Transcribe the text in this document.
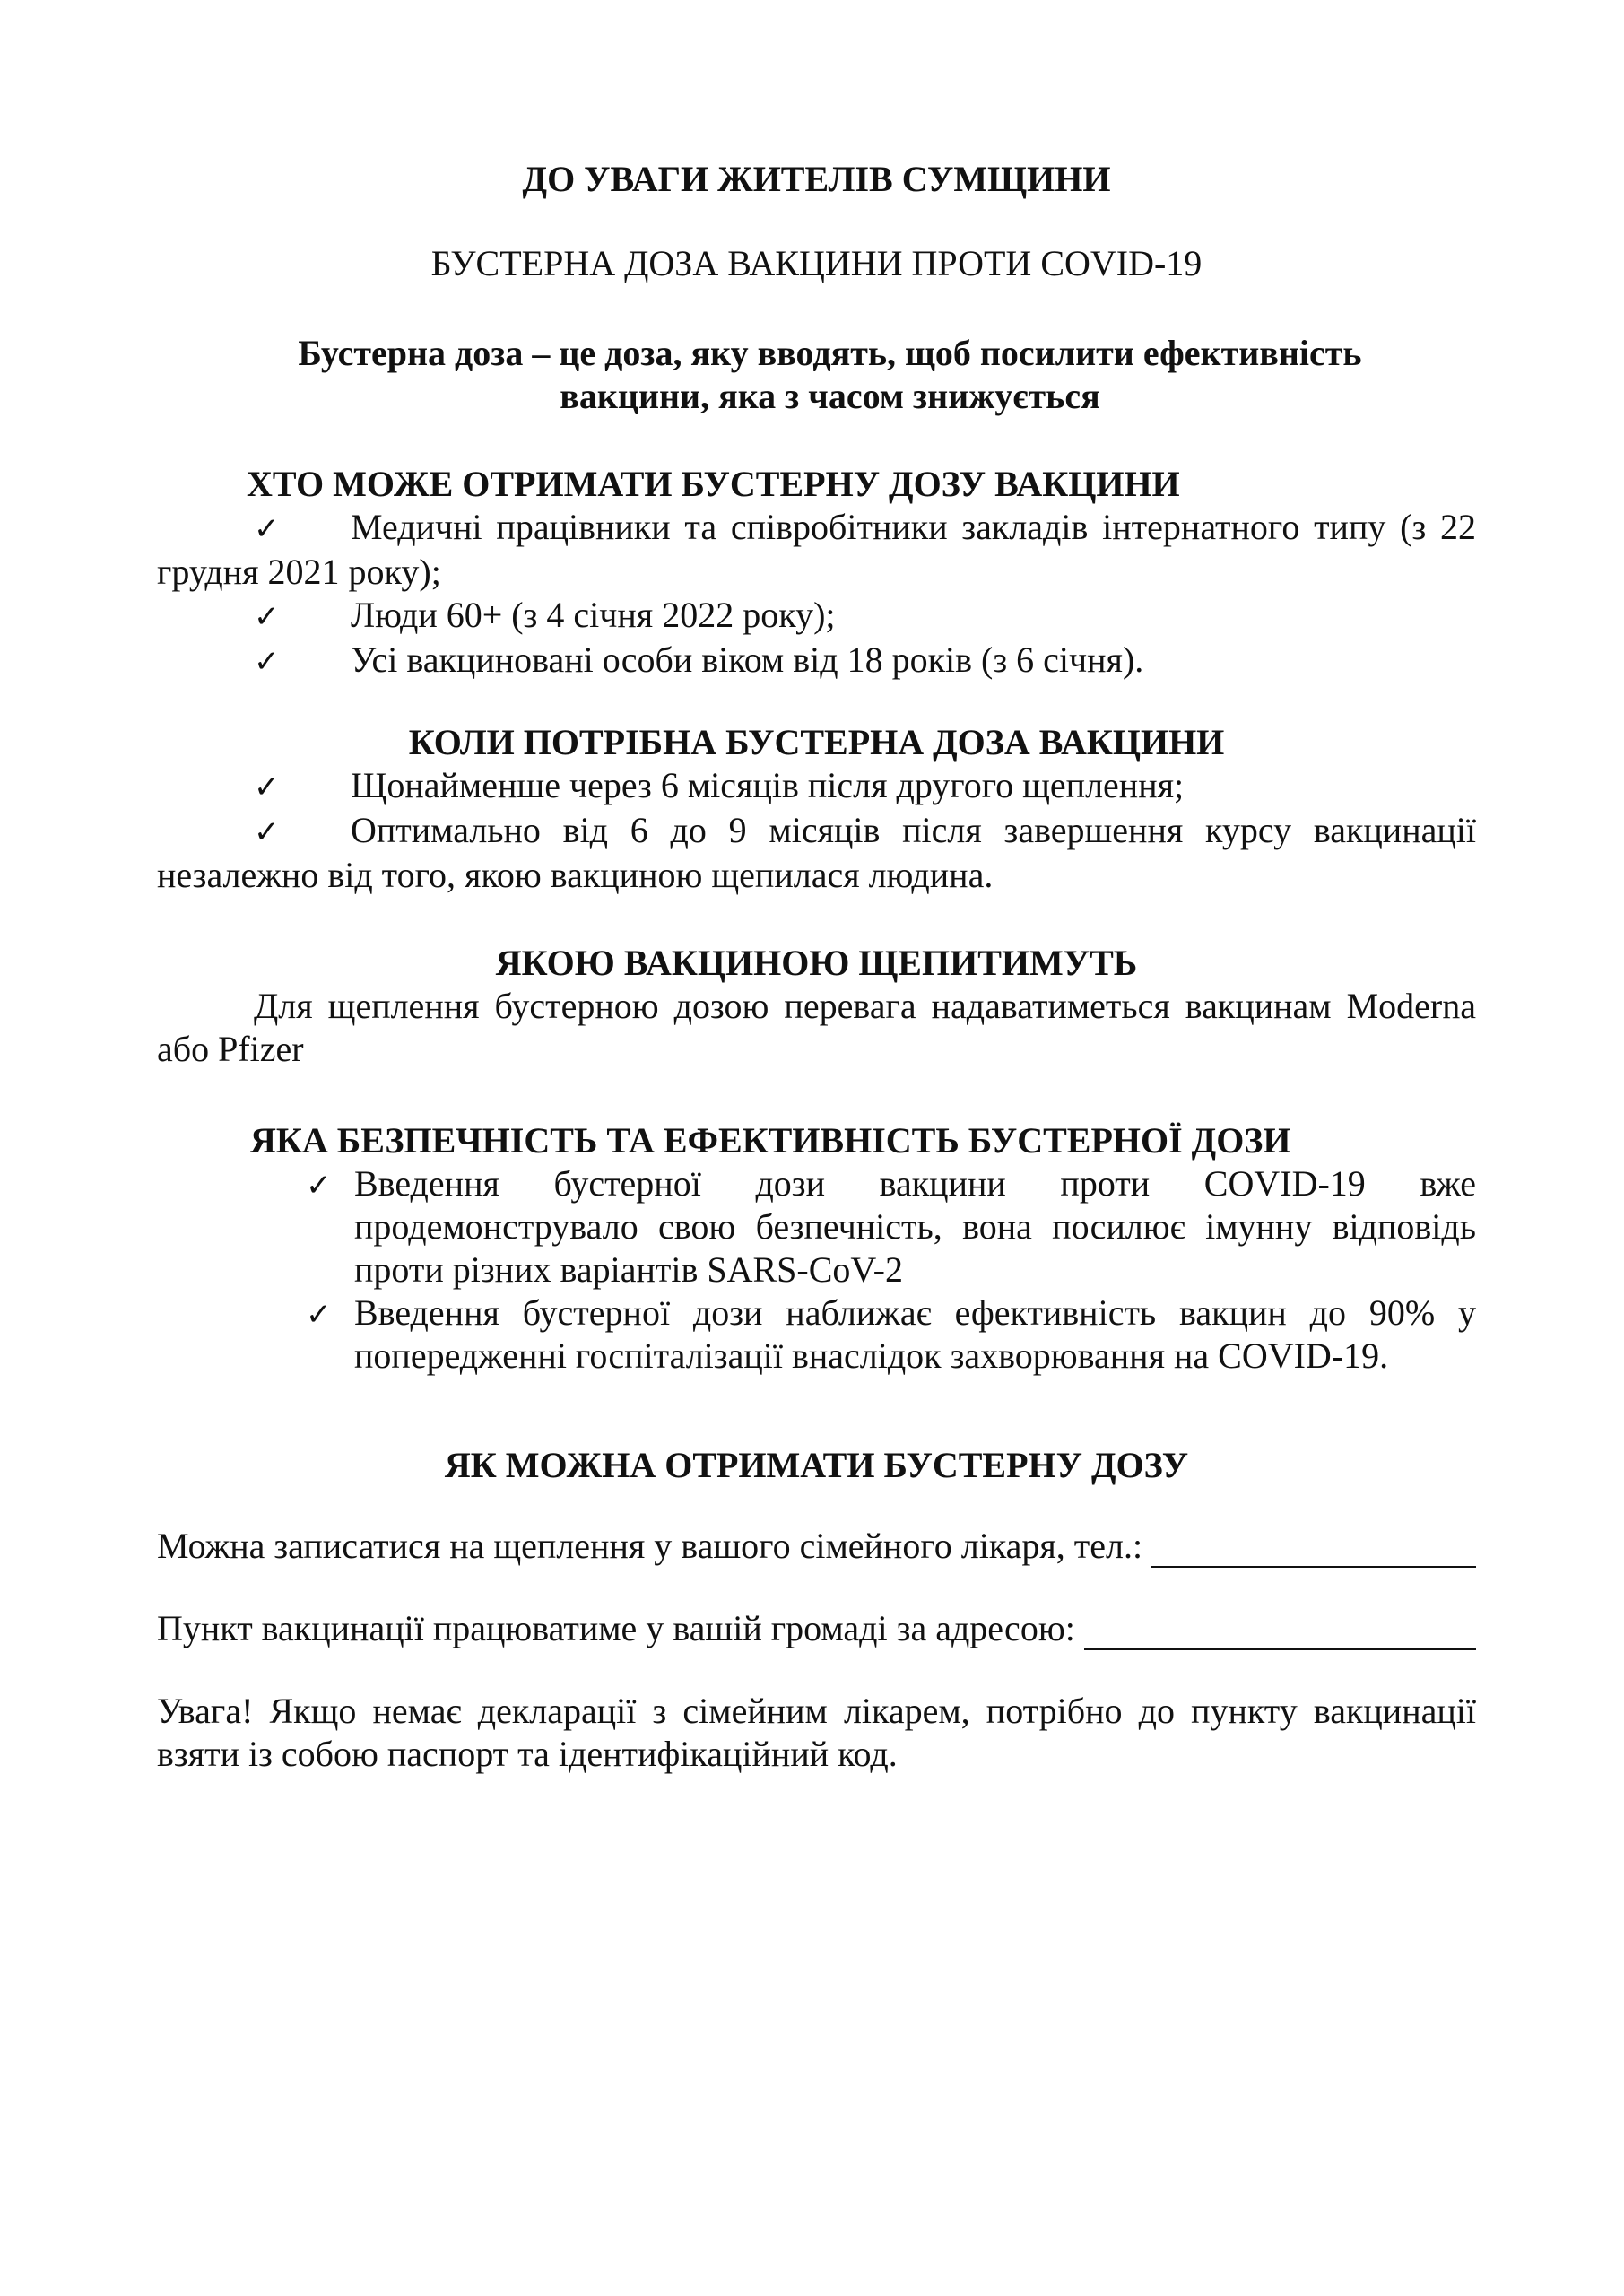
ДО УВАГИ ЖИТЕЛІВ СУМЩИНИ
БУСТЕРНА ДОЗА ВАКЦИНИ ПРОТИ COVID-19
Бустерна доза – це доза, яку вводять, щоб посилити ефективність
вакцини, яка з часом знижується
ХТО МОЖЕ ОТРИМАТИ БУСТЕРНУ ДОЗУ ВАКЦИНИ
✓ Медичні працівники та співробітники закладів інтернатного типу (з 22 грудня 2021 року);
✓ Люди 60+ (з 4 січня 2022 року);
✓ Усі вакциновані особи віком від 18 років (з 6 січня).
КОЛИ ПОТРІБНА БУСТЕРНА ДОЗА ВАКЦИНИ
✓ Щонайменше через 6 місяців після другого щеплення;
✓ Оптимально від 6 до 9 місяців після завершення курсу вакцинації незалежно від того, якою вакциною щепилася людина.
ЯКОЮ ВАКЦИНОЮ ЩЕПИТИМУТЬ
Для щеплення бустерною дозою перевага надаватиметься вакцинам Moderna або Pfizer
ЯКА БЕЗПЕЧНІСТЬ ТА ЕФЕКТИВНІСТЬ БУСТЕРНОЇ ДОЗИ
✓ Введення бустерної дози вакцини проти COVID-19 вже продемонструвало свою безпечність, вона посилює імунну відповідь проти різних варіантів SARS-CoV-2
✓ Введення бустерної дози наближає ефективність вакцин до 90% у попередженні госпіталізації внаслідок захворювання на COVID-19.
ЯК МОЖНА ОТРИМАТИ БУСТЕРНУ ДОЗУ
Можна записатися на щеплення у вашого сімейного лікаря, тел.:
Пункт вакцинації працюватиме у вашій громаді за адресою:
Увага! Якщо немає декларації з сімейним лікарем, потрібно до пункту вакцинації взяти із собою паспорт та ідентифікаційний код.
